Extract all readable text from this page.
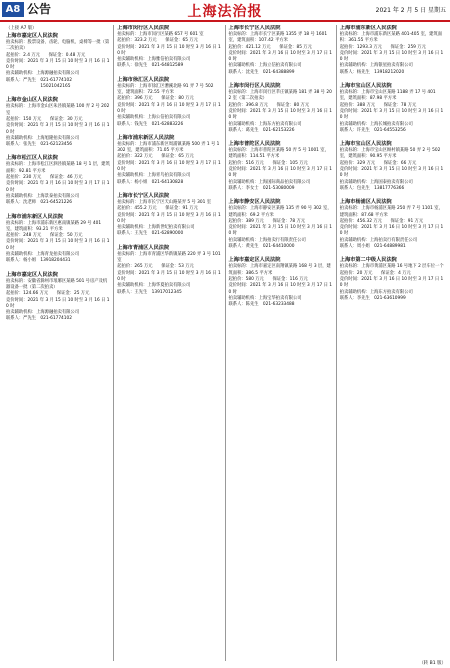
A8 公告	上海法治报	2021 年 2 月 5 日 星期五
（上接 A7 版）
上海市嘉定区人民法院
拍卖标的：股票设备、齿轮、电脑机、桌椅等一批（第二次拍卖）
起拍价：2.4 万元　　保证金：0.48 万元
竞价时间：2021 年 3 月 15 日 10 时至 3 月 16 日 10 时
拍卖辅助机构：上海源融拍卖有限公司
联系人：严先生　021-61774102
　　　　　　　　15021042165
上海市金山区人民法院
拍卖标的：上海市金山区朱泾镇某路 100 弄 2 号 202 室
起拍价：150 万元　　保证金：30 万元
竞价时间：2021 年 3 月 15 日 10 时至 3 月 16 日 10 时
拍卖辅助机构：上海旭隆拍卖有限公司
联系人：张先生　021-62123456
上海市松江区人民法院
拍卖标的：上海市松江区泗泾镇某路 18 号 1 层，建筑面积：92.81 平方米
起拍价：230 万元　　保证金：46 万元
竞价时间：2021 年 3 月 16 日 10 时至 3 月 17 日 10 时
拍卖辅助机构：上海景泰拍卖有限公司
联系人：沈老师　021-64521226
上海市浦东新区人民法院
拍卖标的：上海市浦东新区惠南镇某路 29 号 401 室，建筑面积：93.21 平方米
起拍价：248 万元　　保证金：50 万元
竞价时间：2021 年 3 月 15 日 10 时至 3 月 16 日 10 时
拍卖辅助机构：上海青龙拍卖有限公司
联系人：杨小姐　13918204431
上海市嘉定区人民法院
拍卖标的：安徽省滁州市琅琊区某路 501 号房产及机器设备一批（第二次拍卖）
起拍价：124.66 万元　　保证金：25 万元
竞价时间：2021 年 3 月 15 日 10 时至 3 月 16 日 10 时
拍卖辅助机构：上海源融拍卖有限公司
联系人：严先生　021-61774102
上海市闵行区人民法院
拍卖标的：上海市闵行区某路 657 号 601 室
起拍价：323.2 万元　　保证金：65 万元
竞价时间：2021 年 3 月 15 日 10 时至 3 月 16 日 10 时
拍卖辅助机构：上海雅信拍卖有限公司
联系人：徐先生　021-64812589
上海市徐汇区人民法院
拍卖标的：上海市徐汇区漕溪北路 91 弄 7 号 502 室，建筑面积：72.55 平方米
起拍价：396 万元　　保证金：80 万元
竞价时间：2021 年 3 月 16 日 10 时至 3 月 17 日 10 时
拍卖辅助机构：上海公信拍卖有限公司
联系人：钱先生　021-62883226
上海市浦东新区人民法院
拍卖标的：上海市浦东新区周浦镇某路 500 弄 1 号 1302 室，建筑面积：71.05 平方米
起拍价：322 万元　　保证金：65 万元
竞价时间：2021 年 3 月 16 日 10 时至 3 月 17 日 10 时
拍卖辅助机构：上海青鸟拍卖有限公司
联系人：杨小姐　021-64130828
上海市长宁区人民法院
拍卖标的：上海市长宁区天山路某弄 5 号 301 室
起拍价：455.2 万元　　保证金：91 万元
竞价时间：2021 年 3 月 15 日 10 时至 3 月 16 日 10 时
拍卖辅助机构：上海新世纪拍卖有限公司
联系人：王先生　021-62890000
上海市青浦区人民法院
拍卖标的：上海市青浦区华新镇某路 220 弄 3 号 101 室
起拍价：265 万元　　保证金：53 万元
竞价时间：2021 年 3 月 15 日 10 时至 3 月 16 日 10 时
拍卖辅助机构：上海华夏拍卖有限公司
联系人：王先生　13917012345
上海市长宁区人民法院
拍卖标的：上海市长宁区某路 1355 弄 18 号 1601 室，建筑面积：107.42 平方米
起拍价：421.12 万元　　保证金：85 万元
竞价时间：2021 年 3 月 16 日 10 时至 3 月 17 日 10 时
拍卖辅助机构：上海立信拍卖有限公司
联系人：沈先生　021-64388899
上海市闵行区人民法院
拍卖标的：上海市闵行区莘庄镇某路 181 弄 38 号 202 室（第二次拍卖）
起拍价：396.8 万元　　保证金：80 万元
竞价时间：2021 年 3 月 15 日 10 时至 3 月 16 日 10 时
拍卖辅助机构：上海东方拍卖有限公司
联系人：葛先生　021-62153226
上海市普陀区人民法院
拍卖标的：上海市普陀区某路 50 弄 5 号 1001 室，建筑面积：114.51 平方米
起拍价：516 万元　　保证金：105 万元
竞价时间：2021 年 3 月 16 日 10 时至 3 月 17 日 10 时
拍卖辅助机构：上海国际商品拍卖有限公司
联系人：李女士　021-53080009
上海市静安区人民法院
拍卖标的：上海市静安区某路 135 弄 90 号 302 室，建筑面积：69.2 平方米
起拍价：389 万元　　保证金：78 万元
竞价时间：2021 年 3 月 15 日 10 时至 3 月 16 日 10 时
拍卖辅助机构：上海拍卖行有限责任公司
联系人：黄先生　021-64410000
上海市嘉定区人民法院
拍卖标的：上海市嘉定区南翔镇某路 168 号 3 层，建筑面积：386.5 平方米
起拍价：580 万元　　保证金：116 万元
竞价时间：2021 年 3 月 16 日 10 时至 3 月 17 日 10 时
拍卖辅助机构：上海宝华拍卖有限公司
联系人：陈先生　021-63233488
上海市浦东新区人民法院
拍卖标的：上海市浦东新区某路 401-405 室，建筑面积：361.55 平方米
起拍价：1293.3 万元　　保证金：259 万元
竞价时间：2021 年 3 月 15 日 10 时至 3 月 16 日 10 时
拍卖辅助机构：上海银星拍卖有限公司
联系人：杨先生　13918212020
上海市宝山区人民法院
拍卖标的：上海市宝山区某路 1188 弄 17 号 401 室，建筑面积：87.98 平方米
起拍价：388 万元　　保证金：78 万元
竞价时间：2021 年 3 月 15 日 10 时至 3 月 16 日 10 时
拍卖辅助机构：上海长城拍卖有限公司
联系人：许先生　021-64553256
上海市宝山区人民法院
拍卖标的：上海市宝山区顾村镇某路 50 弄 2 号 502 室，建筑面积：90.95 平方米
起拍价：329 万元　　保证金：66 万元
竞价时间：2021 年 3 月 15 日 10 时至 3 月 16 日 10 时
拍卖辅助机构：上海国泰拍卖有限公司
联系人：包先生　13817776366
上海市杨浦区人民法院
拍卖标的：上海市杨浦区某路 250 弄 7 号 1101 室，建筑面积：87.68 平方米
起拍价：456.32 万元　　保证金：91 万元
竞价时间：2021 年 3 月 16 日 10 时至 3 月 17 日 10 时
拍卖辅助机构：上海拍卖行有限责任公司
联系人：周小姐　021-64889981
上海市第二中级人民法院
拍卖标的：上海市黄浦区某路 16 号地下 2 层车位一个
起拍价：20 万元　　保证金：4 万元
竞价时间：2021 年 3 月 16 日 10 时至 3 月 17 日 10 时
拍卖辅助机构：上海东方拍卖有限公司
联系人：李先生　021-63610999
（转 B1 版）
